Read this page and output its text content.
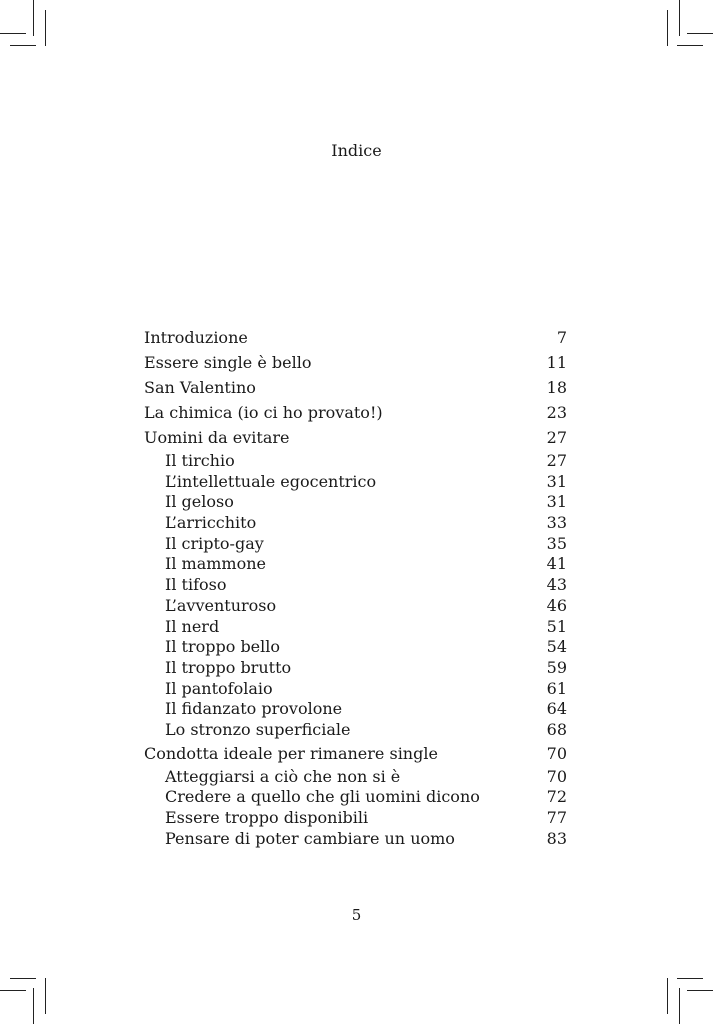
Indice
Introduzione	7
Essere single è bello	11
San Valentino	18
La chimica (io ci ho provato!)	23
Uomini da evitare	27
Il tirchio	27
L’intellettuale egocentrico	31
Il geloso	31
L’arricchito	33
Il cripto-gay	35
Il mammone	41
Il tifoso	43
L’avventuroso	46
Il nerd	51
Il troppo bello	54
Il troppo brutto	59
Il pantofolaio	61
Il fidanzato provolone	64
Lo stronzo superficiale	68
Condotta ideale per rimanere single	70
Atteggiarsi a ciò che non si è	70
Credere a quello che gli uomini dicono	72
Essere troppo disponibili	77
Pensare di poter cambiare un uomo	83
5
